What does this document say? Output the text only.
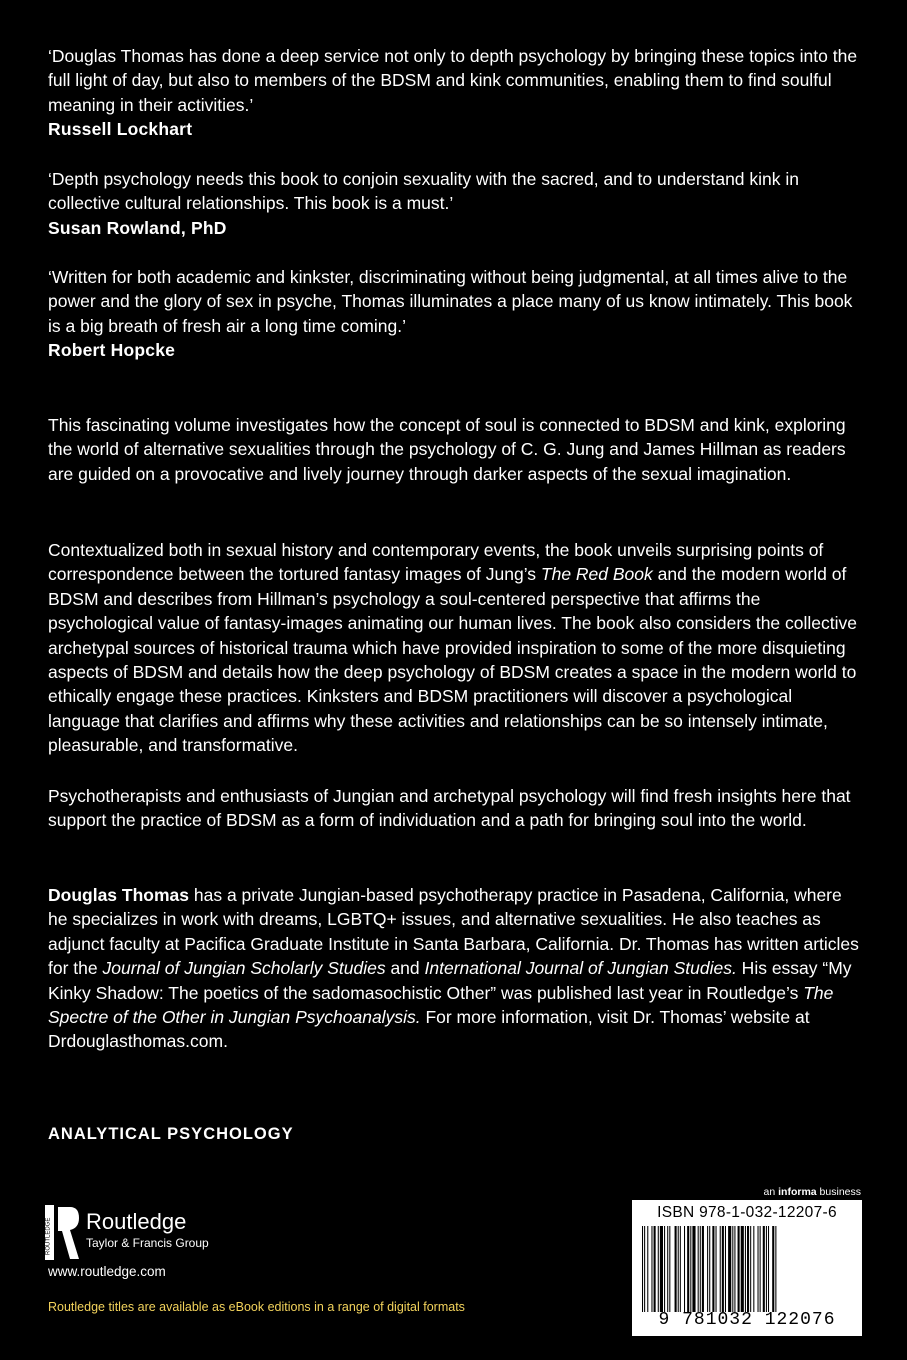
‘Douglas Thomas has done a deep service not only to depth psychology by bringing these topics into the full light of day, but also to members of the BDSM and kink communities, enabling them to find soulful meaning in their activities.’

Russell Lockhart

‘Depth psychology needs this book to conjoin sexuality with the sacred, and to understand kink in collective cultural relationships. This book is a must.’

Susan Rowland, PhD

‘Written for both academic and kinkster, discriminating without being judgmental, at all times alive to the power and the glory of sex in psyche, Thomas illuminates a place many of us know intimately. This book is a big breath of fresh air a long time coming.’

Robert Hopcke

This fascinating volume investigates how the concept of soul is connected to BDSM and kink, exploring the world of alternative sexualities through the psychology of C. G. Jung and James Hillman as readers are guided on a provocative and lively journey through darker aspects of the sexual imagination.

Contextualized both in sexual history and contemporary events, the book unveils surprising points of correspondence between the tortured fantasy images of Jung’s The Red Book and the modern world of BDSM and describes from Hillman’s psychology a soul-centered perspective that affirms the psychological value of fantasy-images animating our human lives. The book also considers the collective archetypal sources of historical trauma which have provided inspiration to some of the more disquieting aspects of BDSM and details how the deep psychology of BDSM creates a space in the modern world to ethically engage these practices. Kinksters and BDSM practitioners will discover a psychological language that clarifies and affirms why these activities and relationships can be so intensely intimate, pleasurable, and transformative.

Psychotherapists and enthusiasts of Jungian and archetypal psychology will find fresh insights here that support the practice of BDSM as a form of individuation and a path for bringing soul into the world.

Douglas Thomas has a private Jungian-based psychotherapy practice in Pasadena, California, where he specializes in work with dreams, LGBTQ+ issues, and alternative sexualities. He also teaches as adjunct faculty at Pacifica Graduate Institute in Santa Barbara, California. Dr. Thomas has written articles for the Journal of Jungian Scholarly Studies and International Journal of Jungian Studies. His essay “My Kinky Shadow: The poetics of the sadomasochistic Other” was published last year in Routledge’s The Spectre of the Other in Jungian Psychoanalysis. For more information, visit Dr. Thomas’ website at Drdouglasthomas.com.

ANALYTICAL PSYCHOLOGY
ROUTLEDGE Routledge
Taylor & Francis Group
www.routledge.com
Routledge titles are available as eBook editions in a range of digital formats
an informa business
ISBN 978-1-032-12207-6
9 781032 122076
